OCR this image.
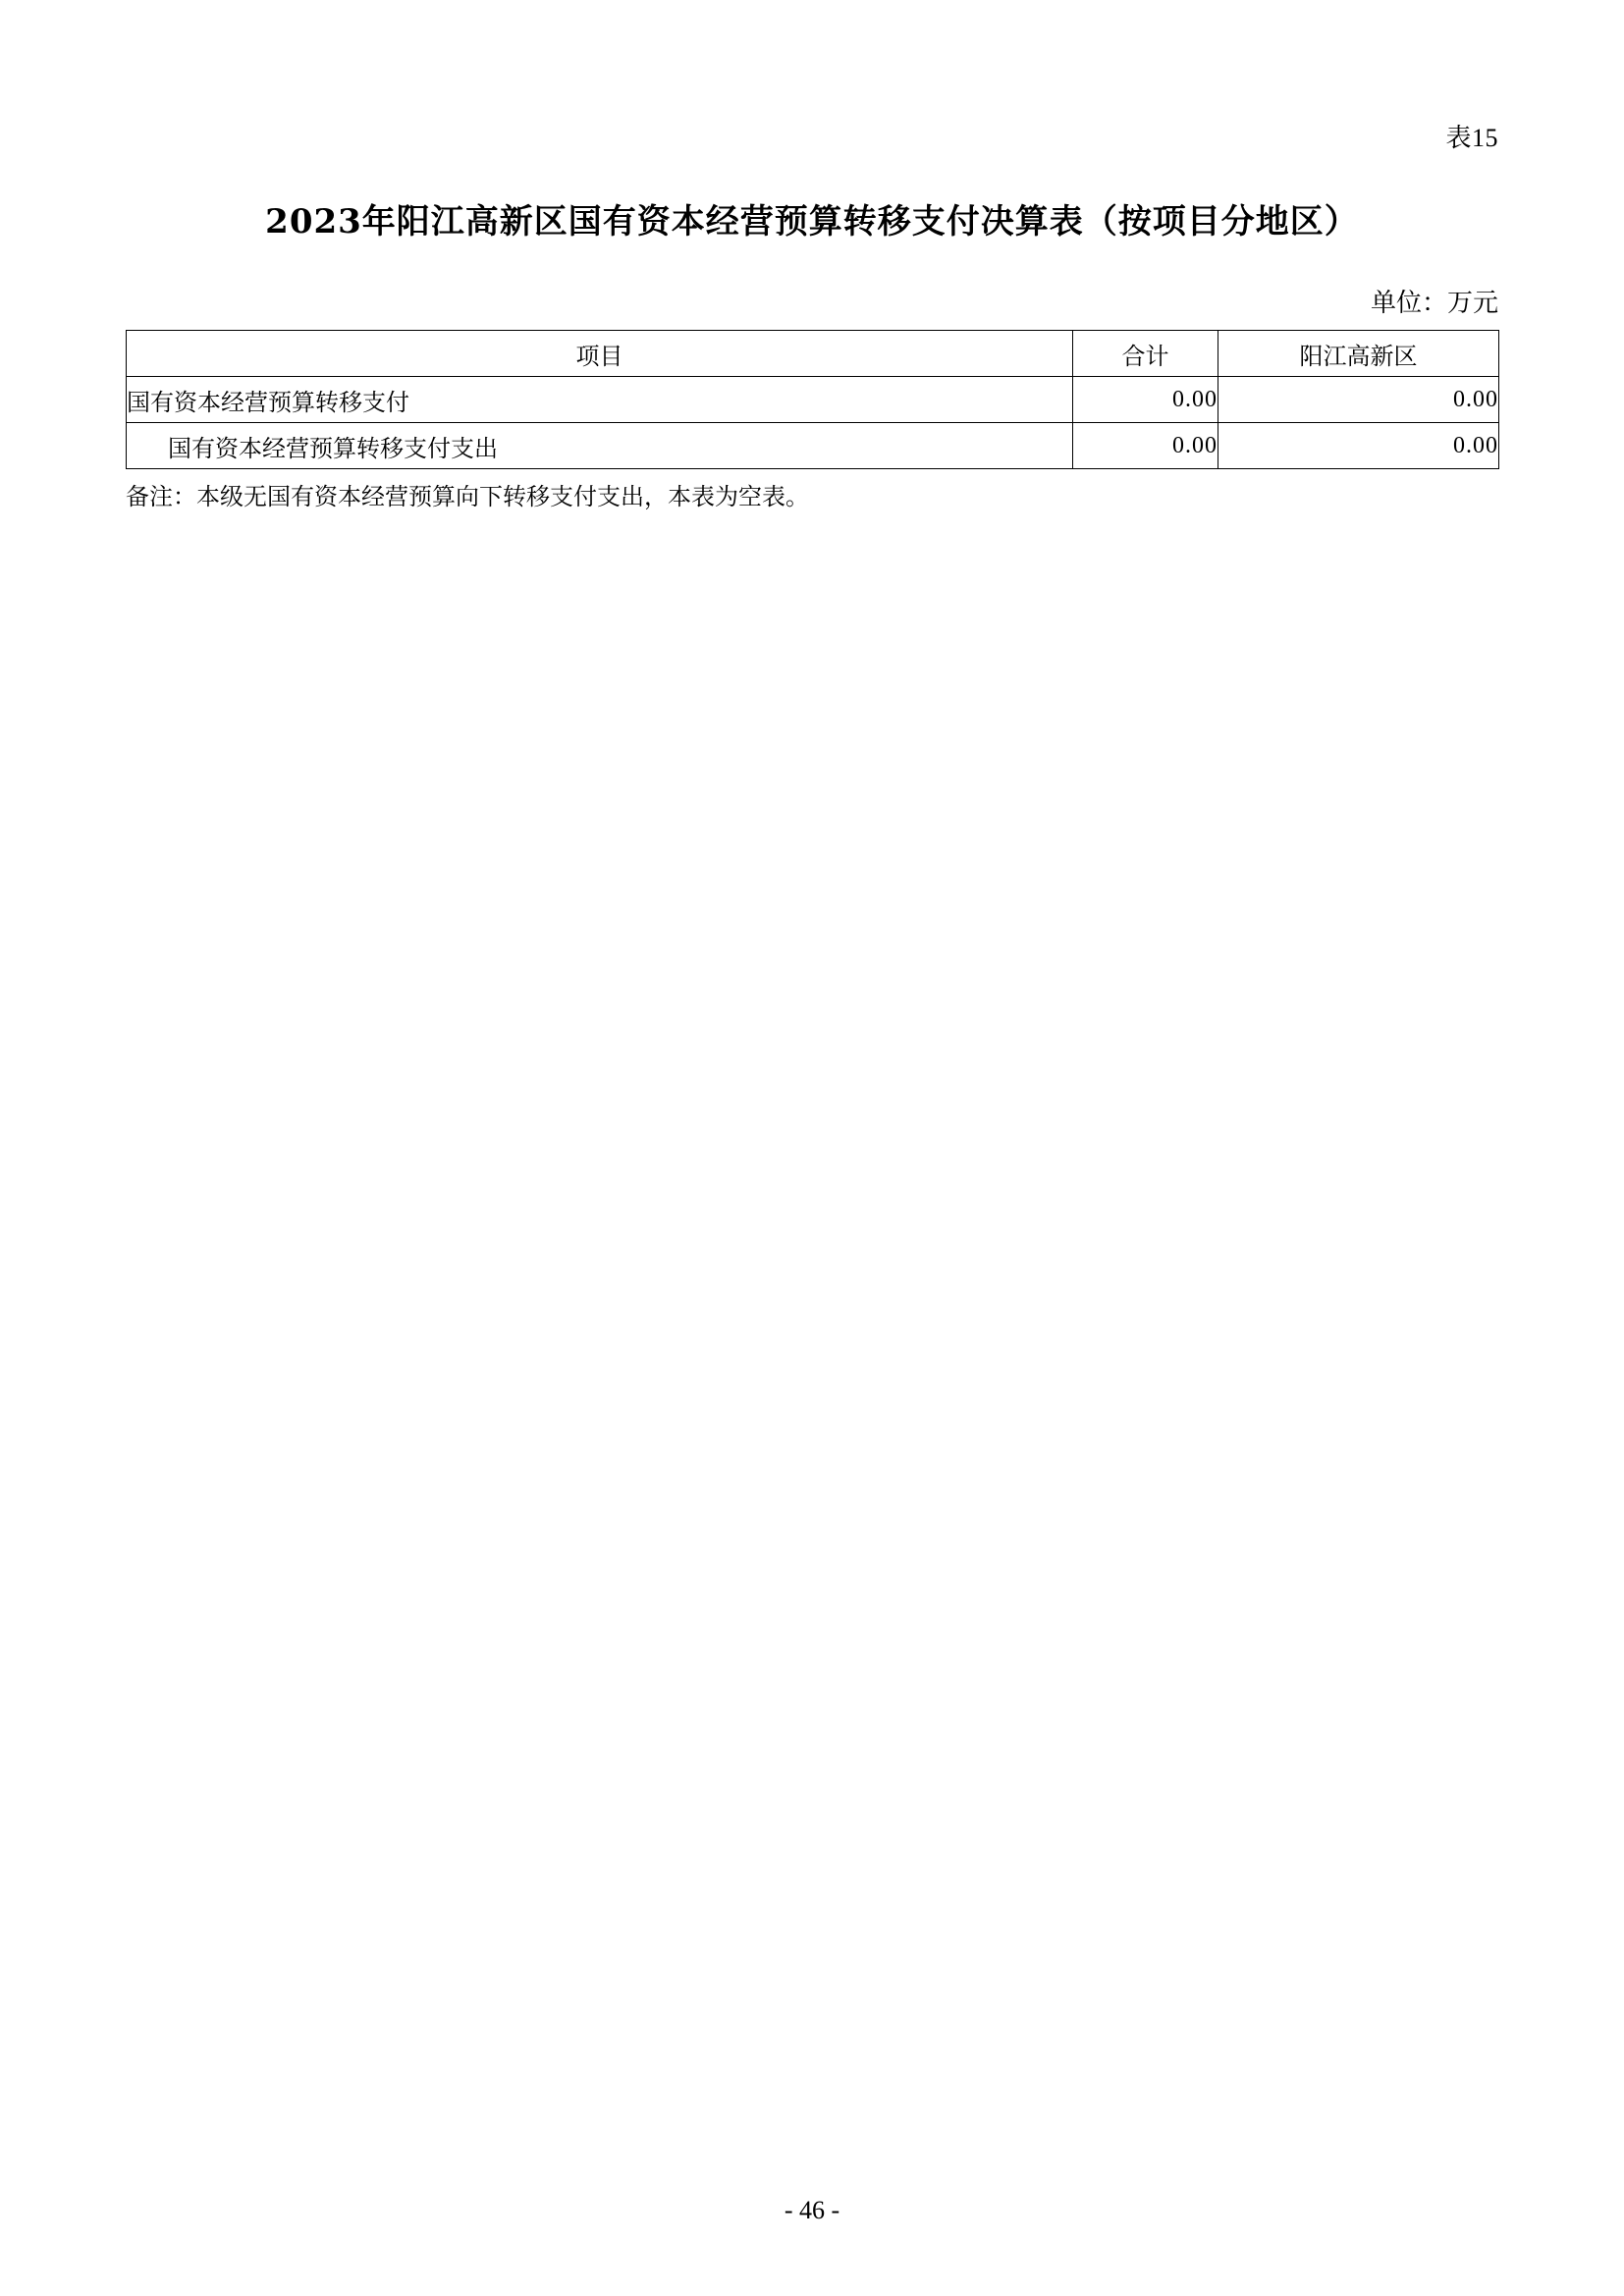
表15
2023年阳江高新区国有资本经营预算转移支付决算表（按项目分地区）
单位：万元
项目	合计	阳江高新区
国有资本经营预算转移支付	0.00	0.00
国有资本经营预算转移支付支出	0.00	0.00
备注：本级无国有资本经营预算向下转移支付支出，本表为空表。
- 46 -
